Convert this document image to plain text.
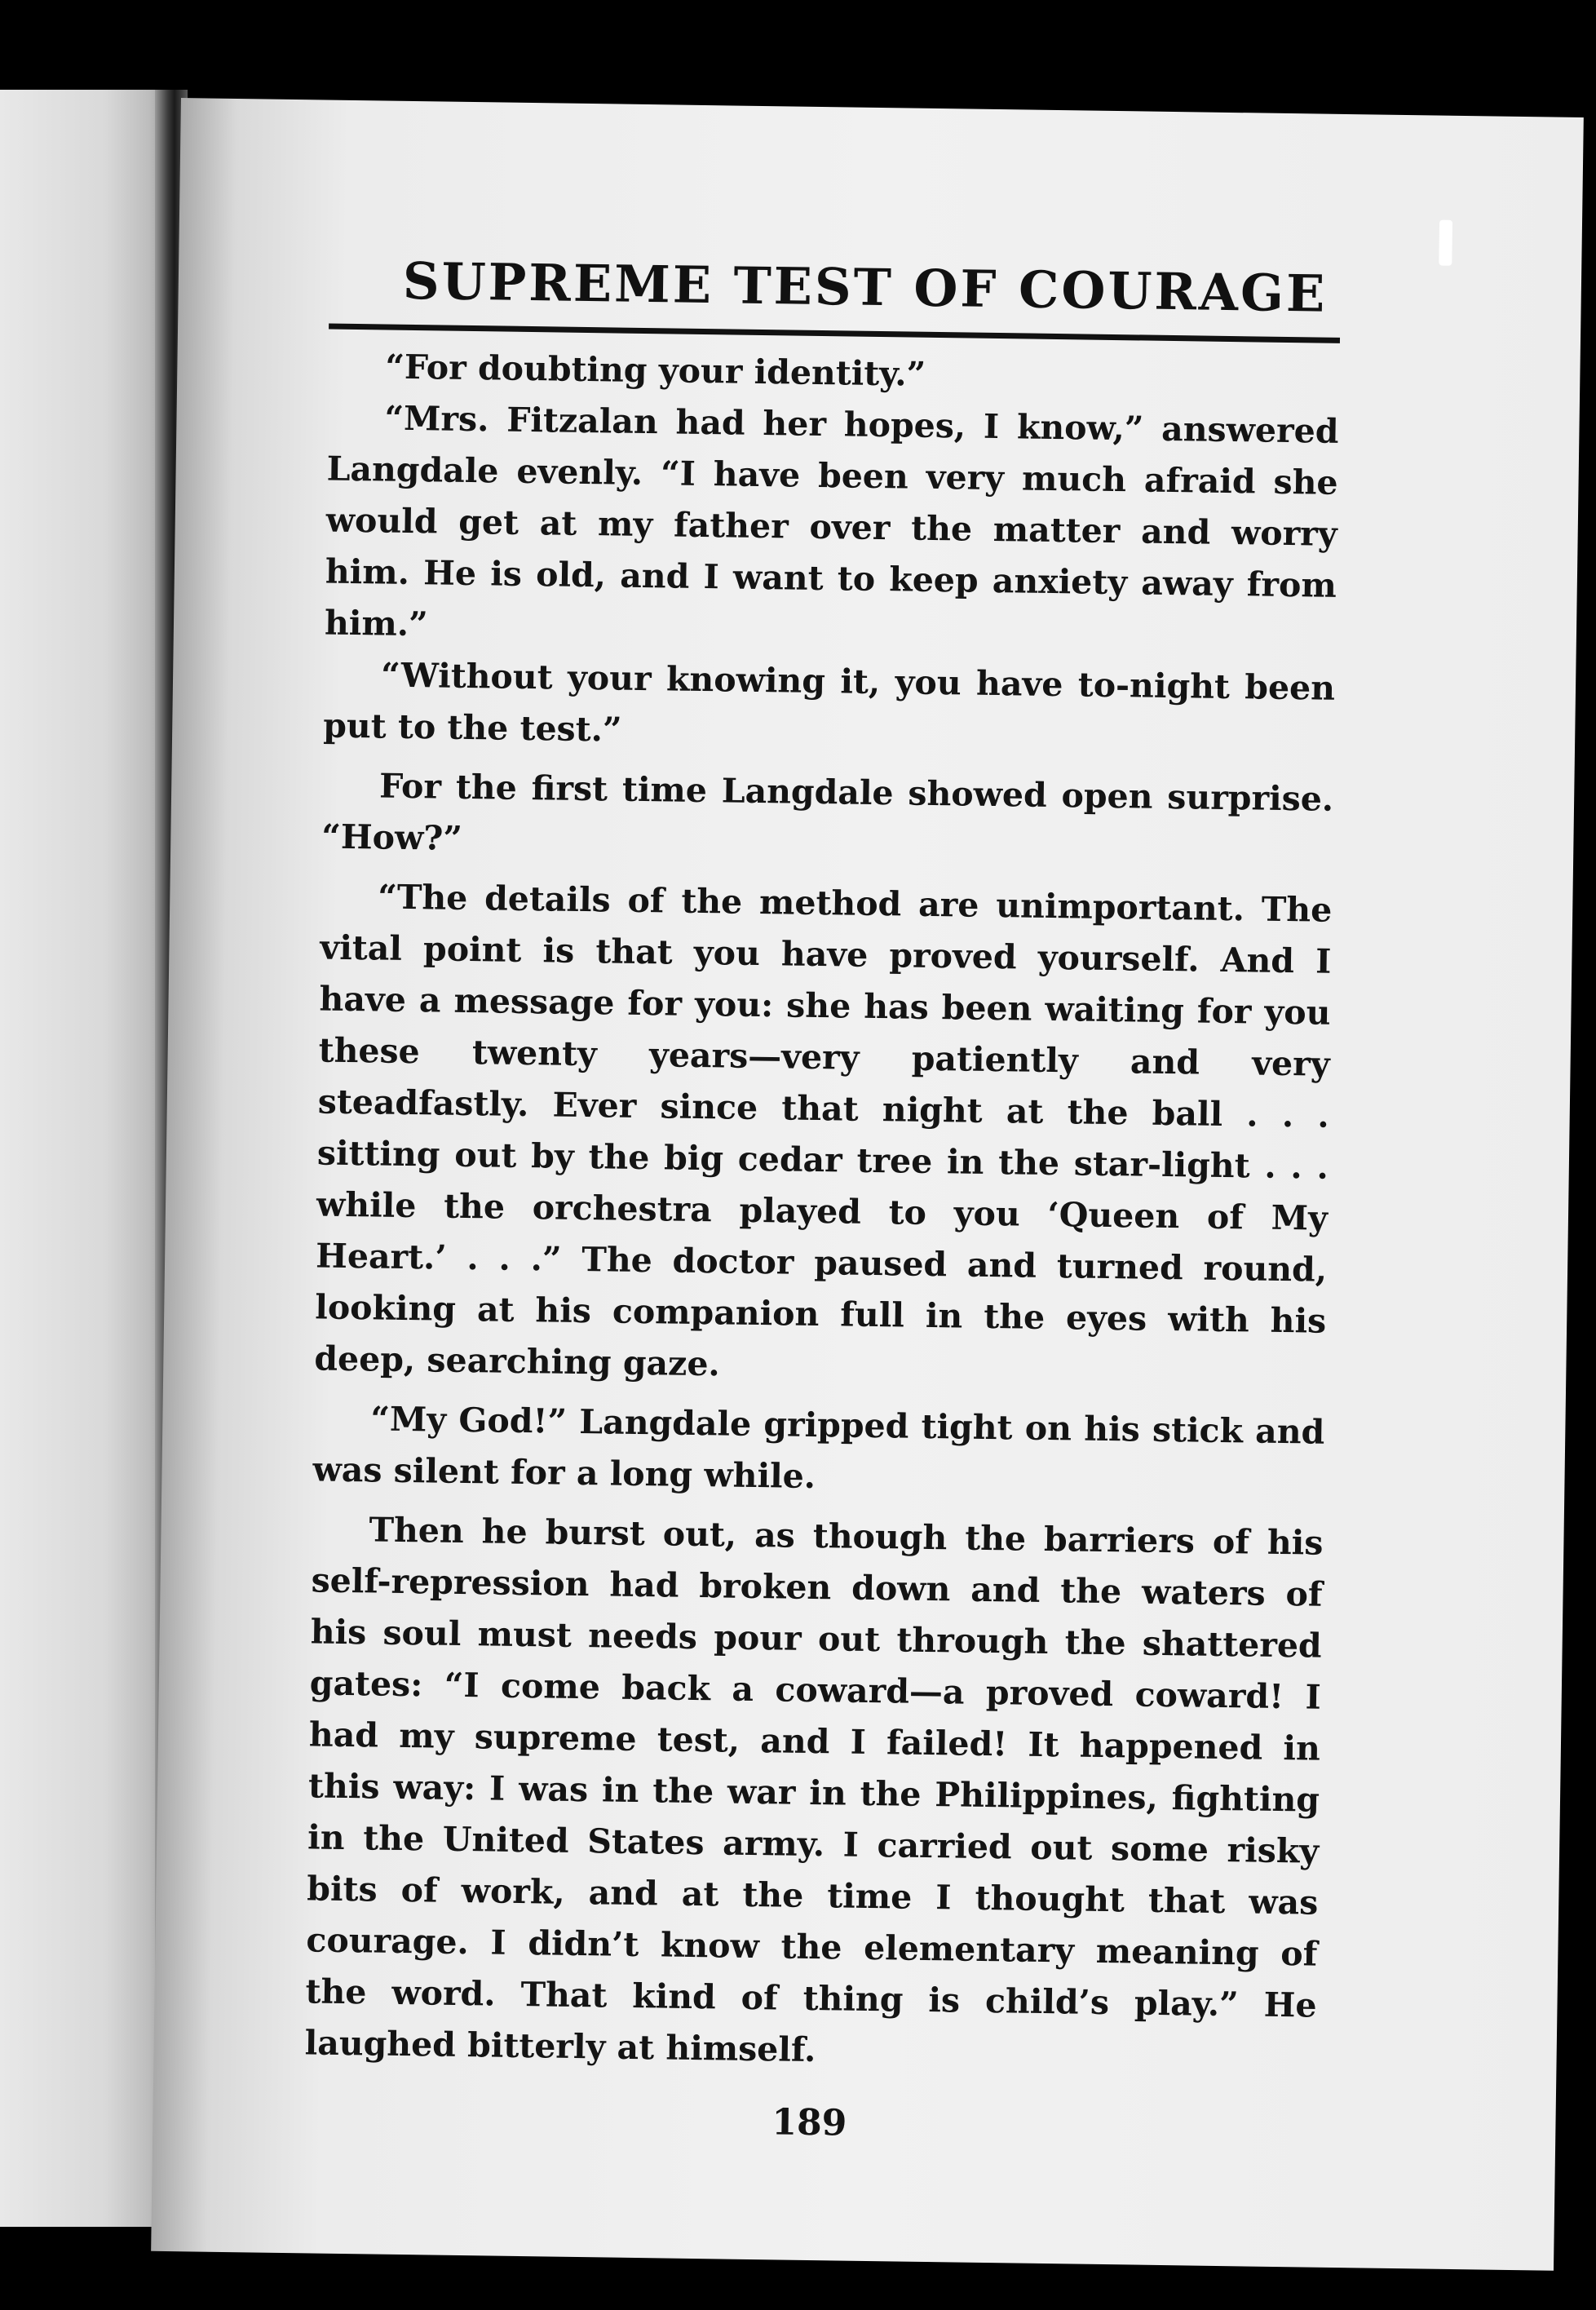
SUPREME TEST OF COURAGE

“For doubting your identity.”

“Mrs. Fitzalan had her hopes, I know,” answered Langdale evenly. “I have been very much afraid she would get at my father over the matter and worry him. He is old, and I want to keep anxiety away from him.”

“Without your knowing it, you have to-night been put to the test.”

For the first time Langdale showed open surprise. “How?”

“The details of the method are unimportant. The vital point is that you have proved yourself. And I have a message for you: she has been waiting for you these twenty years—very patiently and very steadfastly. Ever since that night at the ball . . . sitting out by the big cedar tree in the star-light . . . while the orchestra played to you ‘Queen of My Heart.’ . . .” The doctor paused and turned round, looking at his companion full in the eyes with his deep, searching gaze.

“My God!” Langdale gripped tight on his stick and was silent for a long while.

Then he burst out, as though the barriers of his self-repression had broken down and the waters of his soul must needs pour out through the shattered gates: “I come back a coward—a proved coward! I had my supreme test, and I failed! It happened in this way: I was in the war in the Philippines, fighting in the United States army. I carried out some risky bits of work, and at the time I thought that was courage. I didn’t know the elementary meaning of the word. That kind of thing is child’s play.” He laughed bitterly at himself.

189
